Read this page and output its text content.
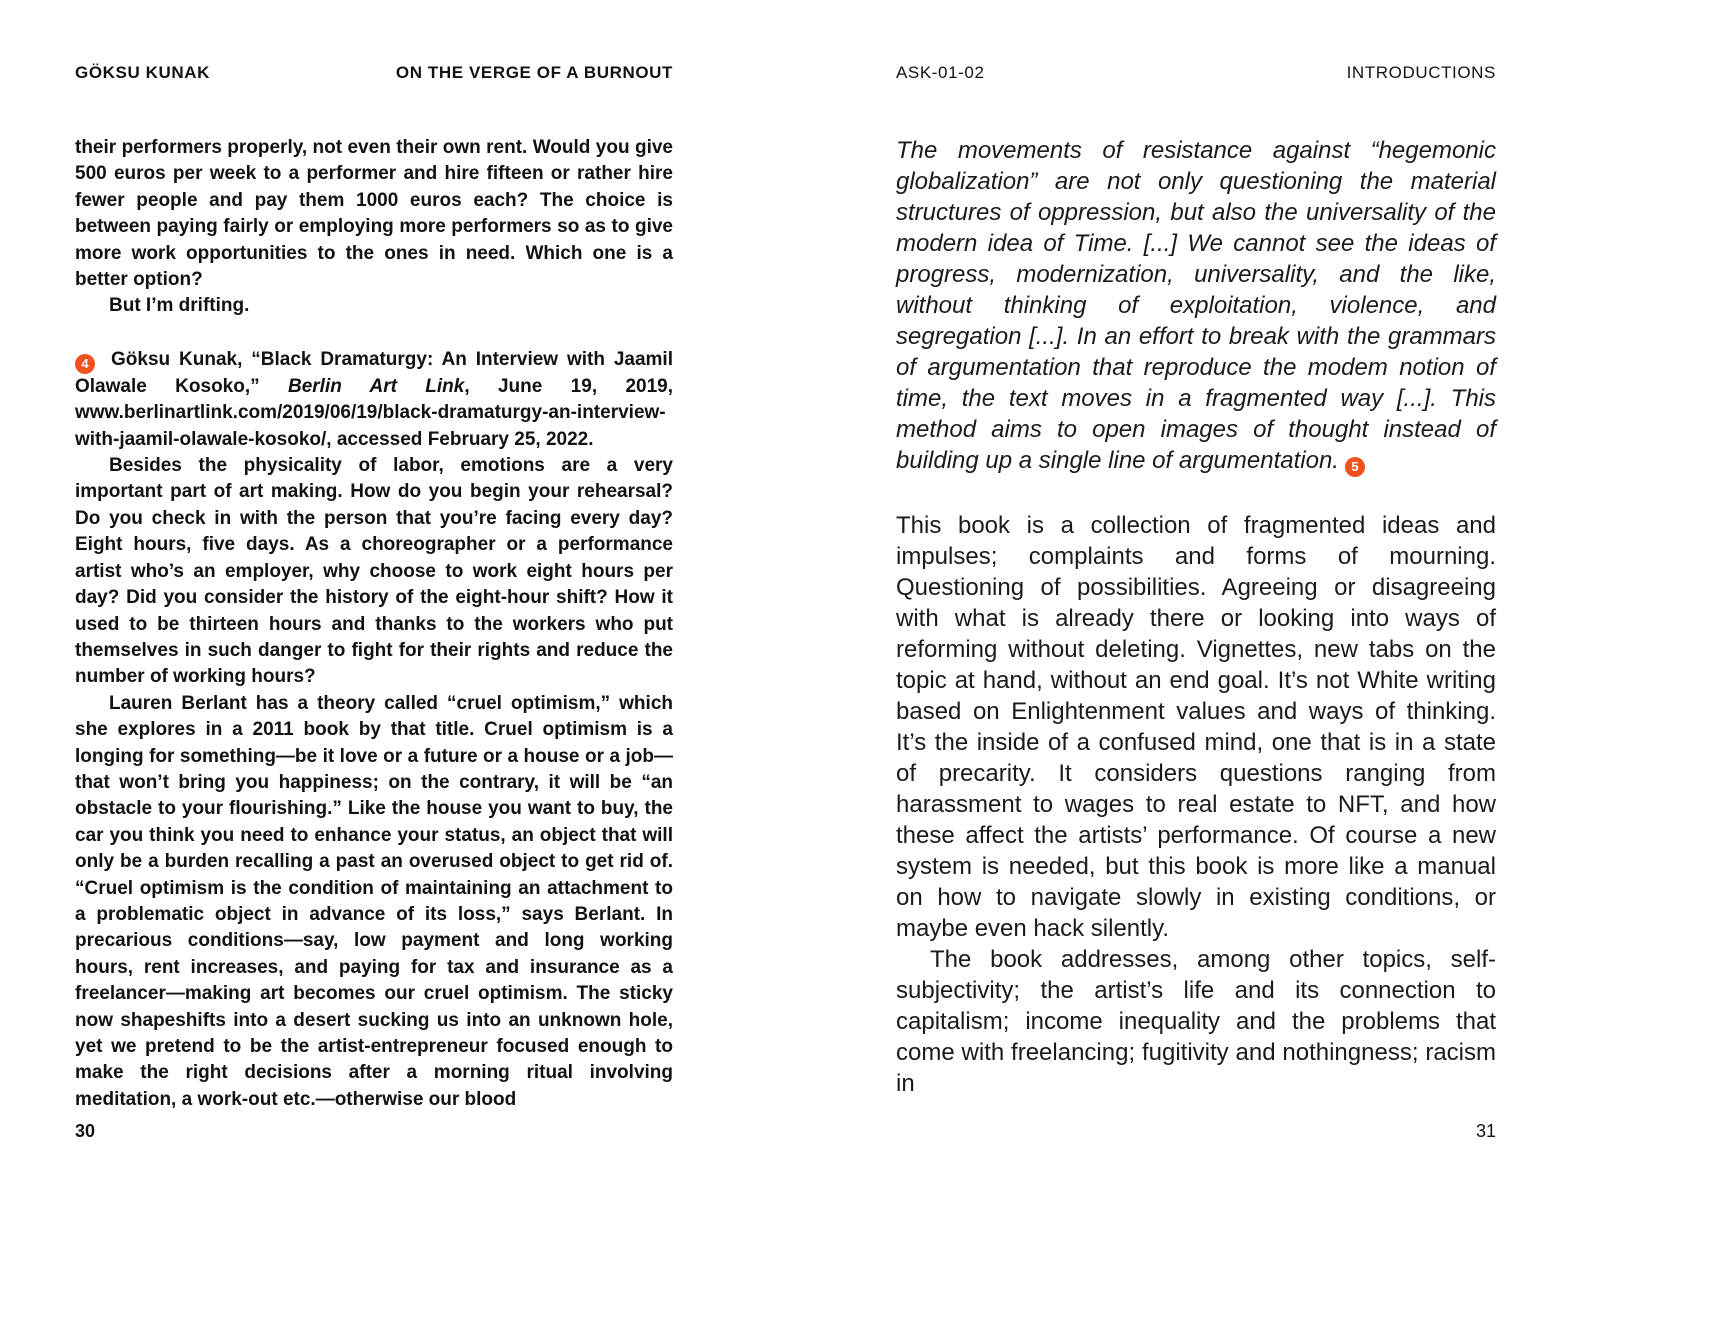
GÖKSU KUNAK	ON THE VERGE OF A BURNOUT

their performers properly, not even their own rent. Would you give 500 euros per week to a performer and hire fifteen or rather hire fewer people and pay them 1000 euros each? The choice is between paying fairly or employing more performers so as to give more work opportunities to the ones in need. Which one is a better option?

But I’m drifting.

4 Göksu Kunak, “Black Dramaturgy: An Interview with Jaamil Olawale Kosoko,” Berlin Art Link, June 19, 2019, www.berlinartlink.com/2019/06/19/black-dramaturgy-an-interview-with-jaamil-olawale-kosoko/, accessed February 25, 2022.

Besides the physicality of labor, emotions are a very important part of art making. How do you begin your rehearsal? Do you check in with the person that you’re facing every day? Eight hours, five days. As a choreographer or a performance artist who’s an employer, why choose to work eight hours per day? Did you consider the history of the eight-hour shift? How it used to be thirteen hours and thanks to the workers who put themselves in such danger to fight for their rights and reduce the number of working hours?

Lauren Berlant has a theory called “cruel optimism,” which she explores in a 2011 book by that title. Cruel optimism is a longing for something—be it love or a future or a house or a job—that won’t bring you happiness; on the contrary, it will be “an obstacle to your flourishing.” Like the house you want to buy, the car you think you need to enhance your status, an object that will only be a burden recalling a past an overused object to get rid of. “Cruel optimism is the condition of maintaining an attachment to a problematic object in advance of its loss,” says Berlant. In precarious conditions—say, low payment and long working hours, rent increases, and paying for tax and insurance as a freelancer—making art becomes our cruel optimism. The sticky now shapeshifts into a desert sucking us into an unknown hole, yet we pretend to be the artist-entrepreneur focused enough to make the right decisions after a morning ritual involving meditation, a work-out etc.—otherwise our blood

30
ASK-01-02	INTRODUCTIONS

The movements of resistance against “hegemonic globalization” are not only questioning the material structures of oppression, but also the universality of the modern idea of Time. [...] We cannot see the ideas of progress, modernization, universality, and the like, without thinking of exploitation, violence, and segregation [...]. In an effort to break with the grammars of argumentation that reproduce the modem notion of time, the text moves in a fragmented way [...]. This method aims to open images of thought instead of building up a single line of argumentation. 5

This book is a collection of fragmented ideas and impulses; complaints and forms of mourning. Questioning of possibilities. Agreeing or disagreeing with what is already there or looking into ways of reforming without deleting. Vignettes, new tabs on the topic at hand, without an end goal. It’s not White writing based on Enlightenment values and ways of thinking. It’s the inside of a confused mind, one that is in a state of precarity. It considers questions ranging from harassment to wages to real estate to NFT, and how these affect the artists’ performance. Of course a new system is needed, but this book is more like a manual on how to navigate slowly in existing conditions, or maybe even hack silently.

The book addresses, among other topics, self-subjectivity; the artist’s life and its connection to capitalism; income inequality and the problems that come with freelancing; fugitivity and nothingness; racism in

31
